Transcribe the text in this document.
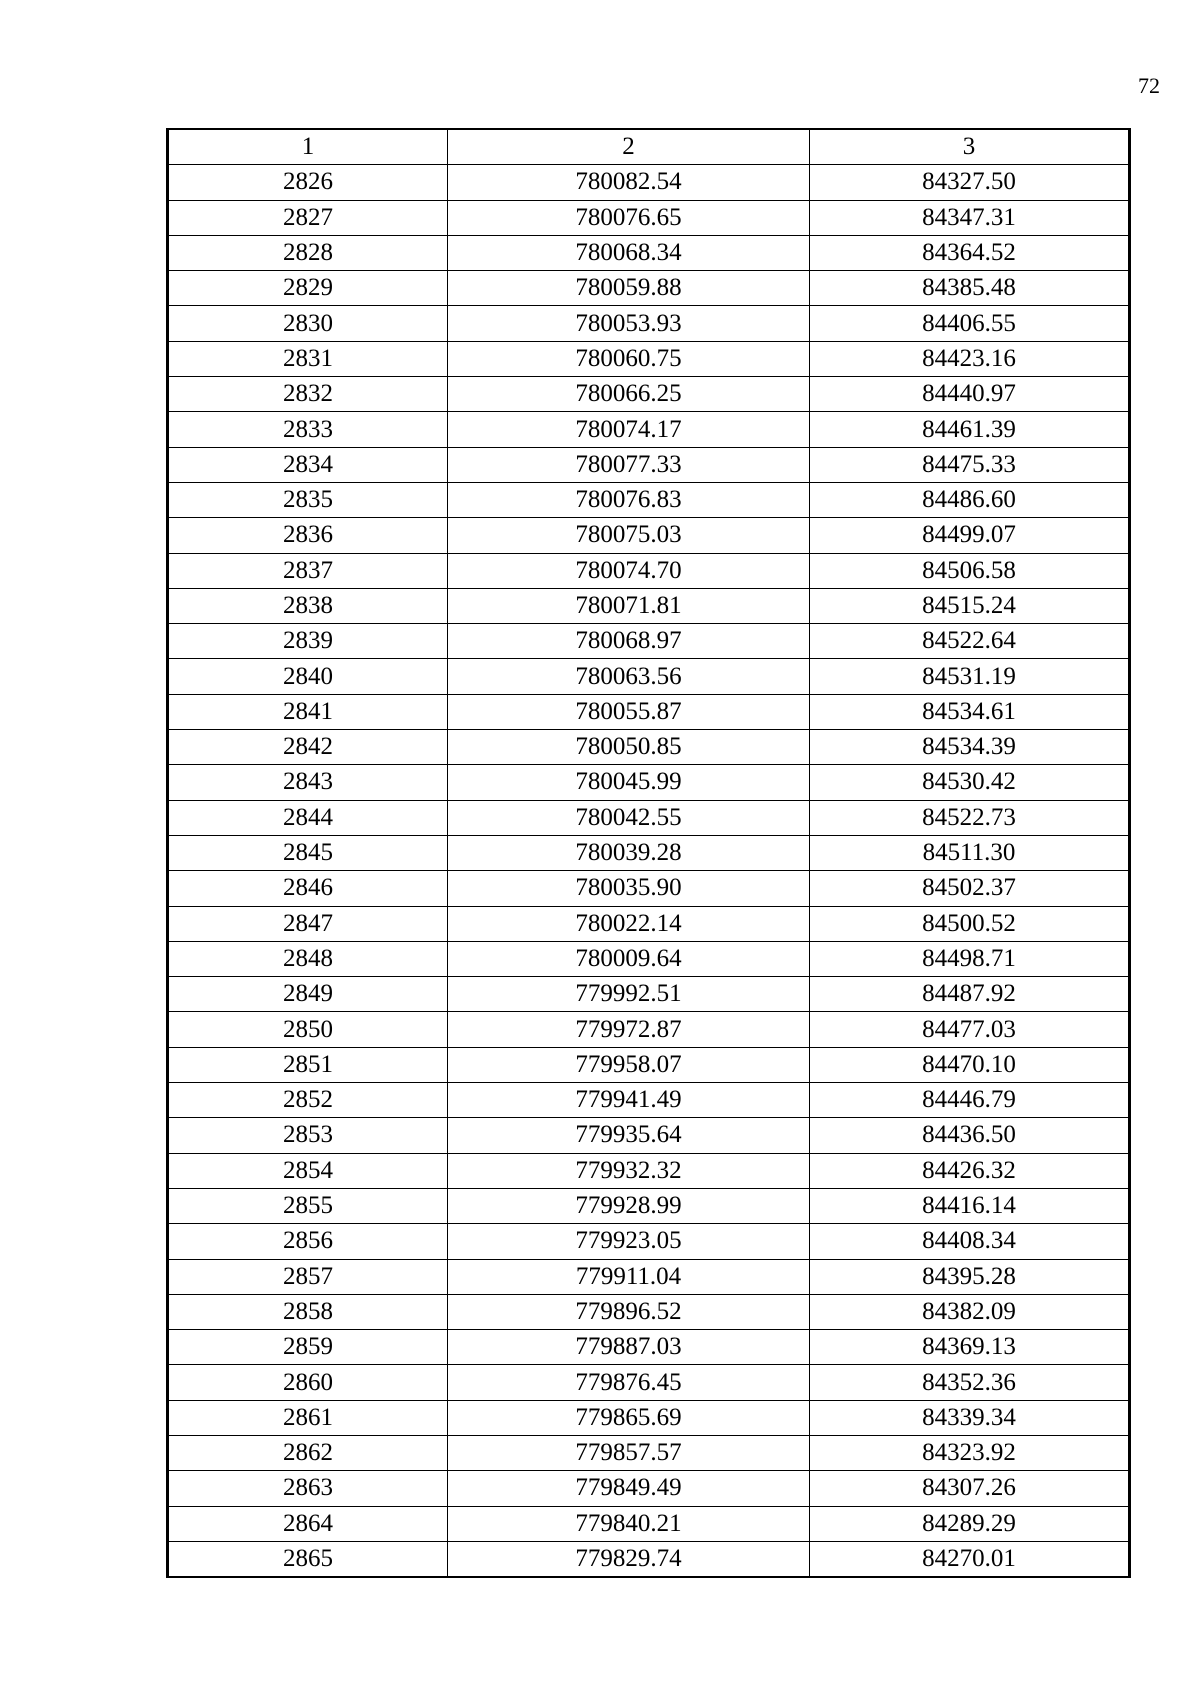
72
1	2	3
2826	780082.54	84327.50
2827	780076.65	84347.31
2828	780068.34	84364.52
2829	780059.88	84385.48
2830	780053.93	84406.55
2831	780060.75	84423.16
2832	780066.25	84440.97
2833	780074.17	84461.39
2834	780077.33	84475.33
2835	780076.83	84486.60
2836	780075.03	84499.07
2837	780074.70	84506.58
2838	780071.81	84515.24
2839	780068.97	84522.64
2840	780063.56	84531.19
2841	780055.87	84534.61
2842	780050.85	84534.39
2843	780045.99	84530.42
2844	780042.55	84522.73
2845	780039.28	84511.30
2846	780035.90	84502.37
2847	780022.14	84500.52
2848	780009.64	84498.71
2849	779992.51	84487.92
2850	779972.87	84477.03
2851	779958.07	84470.10
2852	779941.49	84446.79
2853	779935.64	84436.50
2854	779932.32	84426.32
2855	779928.99	84416.14
2856	779923.05	84408.34
2857	779911.04	84395.28
2858	779896.52	84382.09
2859	779887.03	84369.13
2860	779876.45	84352.36
2861	779865.69	84339.34
2862	779857.57	84323.92
2863	779849.49	84307.26
2864	779840.21	84289.29
2865	779829.74	84270.01
